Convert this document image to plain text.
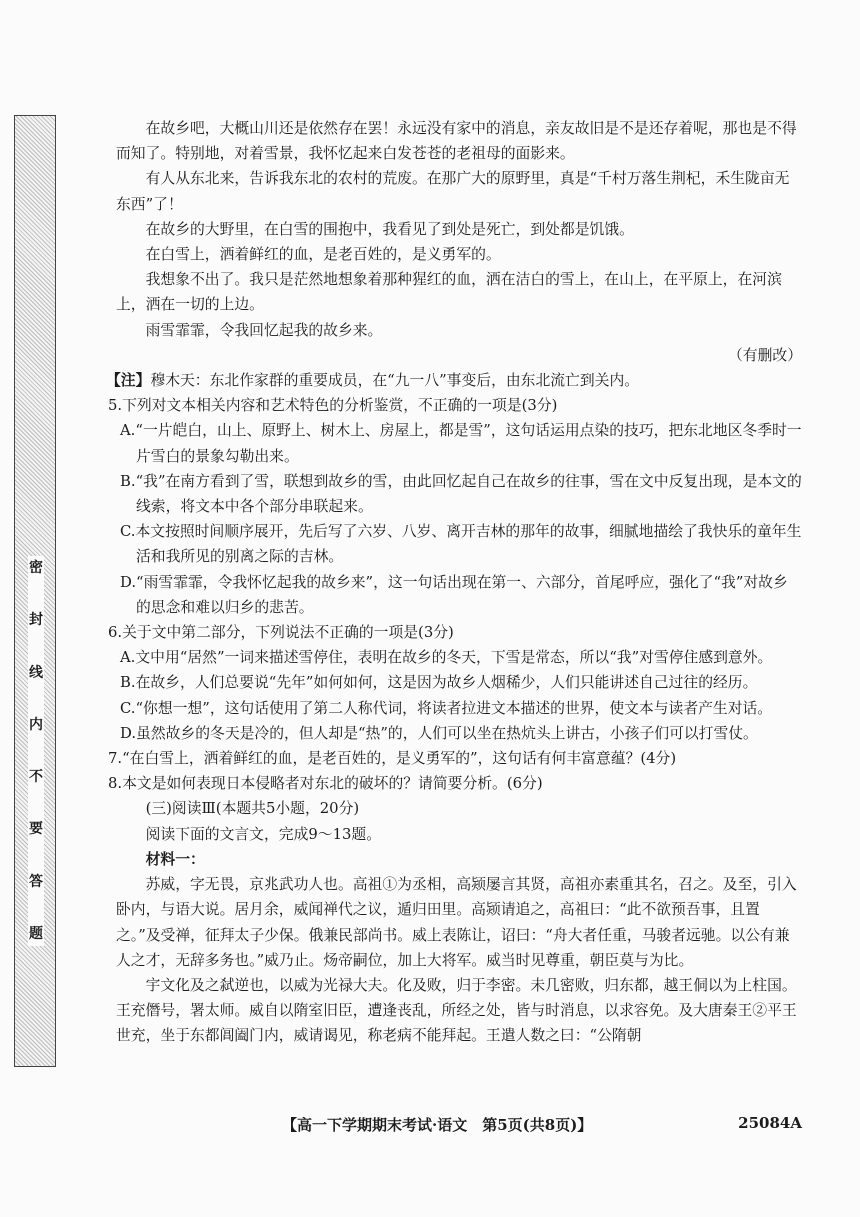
密
封
线
内
不
要
答
题

在故乡吧，大概山川还是依然存在罢！永远没有家中的消息，亲友故旧是不是还存着呢，那也是不得而知了。特别地，对着雪景，我怀忆起来白发苍苍的老祖母的面影来。

有人从东北来，告诉我东北的农村的荒废。在那广大的原野里，真是“千村万落生荆杞，禾生陇亩无东西”了！

在故乡的大野里，在白雪的围抱中，我看见了到处是死亡，到处都是饥饿。

在白雪上，洒着鲜红的血，是老百姓的，是义勇军的。

我想象不出了。我只是茫然地想象着那种猩红的血，洒在洁白的雪上，在山上，在平原上，在河滨上，洒在一切的上边。

雨雪霏霏，令我回忆起我的故乡来。

（有删改）

【注】穆木天：东北作家群的重要成员，在“九一八”事变后，由东北流亡到关内。

5.下列对文本相关内容和艺术特色的分析鉴赏，不正确的一项是(3分)

A.“一片皑白，山上、原野上、树木上、房屋上，都是雪”，这句话运用点染的技巧，把东北地区冬季时一片雪白的景象勾勒出来。

B.“我”在南方看到了雪，联想到故乡的雪，由此回忆起自己在故乡的往事，雪在文中反复出现，是本文的线索，将文本中各个部分串联起来。

C.本文按照时间顺序展开，先后写了六岁、八岁、离开吉林的那年的故事，细腻地描绘了我快乐的童年生活和我所见的别离之际的吉林。

D.“雨雪霏霏，令我怀忆起我的故乡来”，这一句话出现在第一、六部分，首尾呼应，强化了“我”对故乡的思念和难以归乡的悲苦。

6.关于文中第二部分，下列说法不正确的一项是(3分)

A.文中用“居然”一词来描述雪停住，表明在故乡的冬天，下雪是常态，所以“我”对雪停住感到意外。

B.在故乡，人们总要说“先年”如何如何，这是因为故乡人烟稀少，人们只能讲述自己过往的经历。

C.“你想一想”，这句话使用了第二人称代词，将读者拉进文本描述的世界，使文本与读者产生对话。

D.虽然故乡的冬天是冷的，但人却是“热”的，人们可以坐在热炕头上讲古，小孩子们可以打雪仗。

7.“在白雪上，洒着鲜红的血，是老百姓的，是义勇军的”，这句话有何丰富意蕴？(4分)

8.本文是如何表现日本侵略者对东北的破坏的？请简要分析。(6分)

(三)阅读Ⅲ(本题共5小题，20分)

阅读下面的文言文，完成9～13题。

材料一：

苏威，字无畏，京兆武功人也。高祖①为丞相，高颎屡言其贤，高祖亦素重其名，召之。及至，引入卧内，与语大说。居月余，威闻禅代之议，遁归田里。高颎请追之，高祖曰：“此不欲预吾事，且置之。”及受禅，征拜太子少保。俄兼民部尚书。威上表陈让，诏曰：“舟大者任重，马骏者远驰。以公有兼人之才，无辞多务也。”威乃止。炀帝嗣位，加上大将军。威当时见尊重，朝臣莫与为比。

宇文化及之弑逆也，以威为光禄大夫。化及败，归于李密。未几密败，归东都，越王侗以为上柱国。王充僭号，署太师。威自以隋室旧臣，遭逢丧乱，所经之处，皆与时消息，以求容免。及大唐秦王②平王世充，坐于东都阊阖门内，威请谒见，称老病不能拜起。王遣人数之曰：“公隋朝

【高一下学期期末考试·语文　第5页(共8页)】	25084A
